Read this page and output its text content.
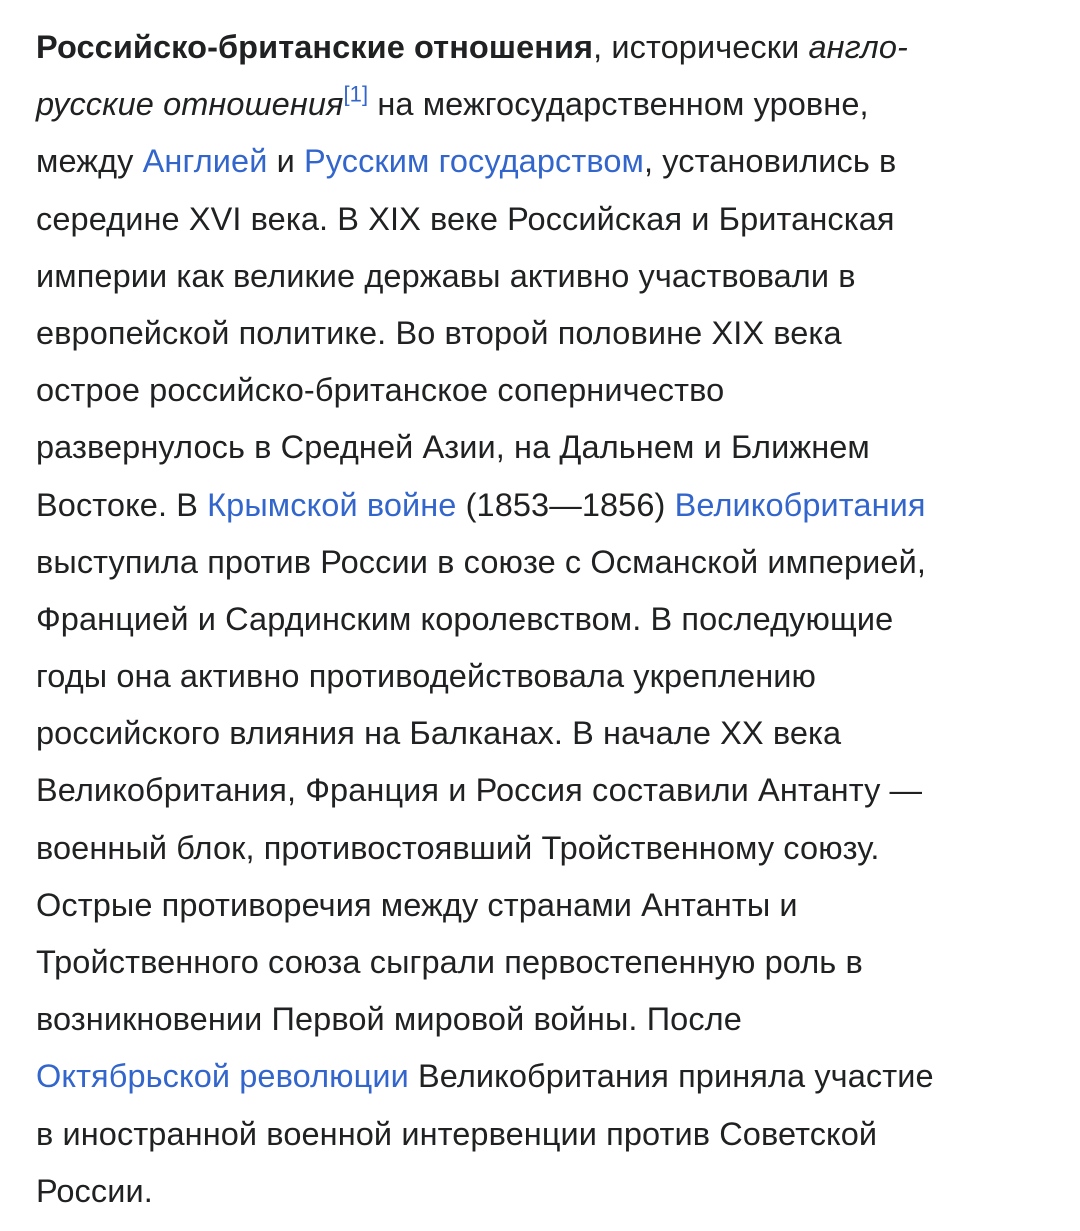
Российско-британские отношения, исторически англо-
русские отношения[1] на межгосударственном уровне,
между Англией и Русским государством, установились в
середине XVI века. В XIX веке Российская и Британская
империи как великие державы активно участвовали в
европейской политике. Во второй половине XIX века
острое российско-британское соперничество
развернулось в Средней Азии, на Дальнем и Ближнем
Востоке. В Крымской войне (1853—1856) Великобритания
выступила против России в союзе с Османской империей,
Францией и Сардинским королевством. В последующие
годы она активно противодействовала укреплению
российского влияния на Балканах. В начале XX века
Великобритания, Франция и Россия составили Антанту —
военный блок, противостоявший Тройственному союзу.
Острые противоречия между странами Антанты и
Тройственного союза сыграли первостепенную роль в
возникновении Первой мировой войны. После
Октябрьской революции Великобритания приняла участие
в иностранной военной интервенции против Советской
России.
